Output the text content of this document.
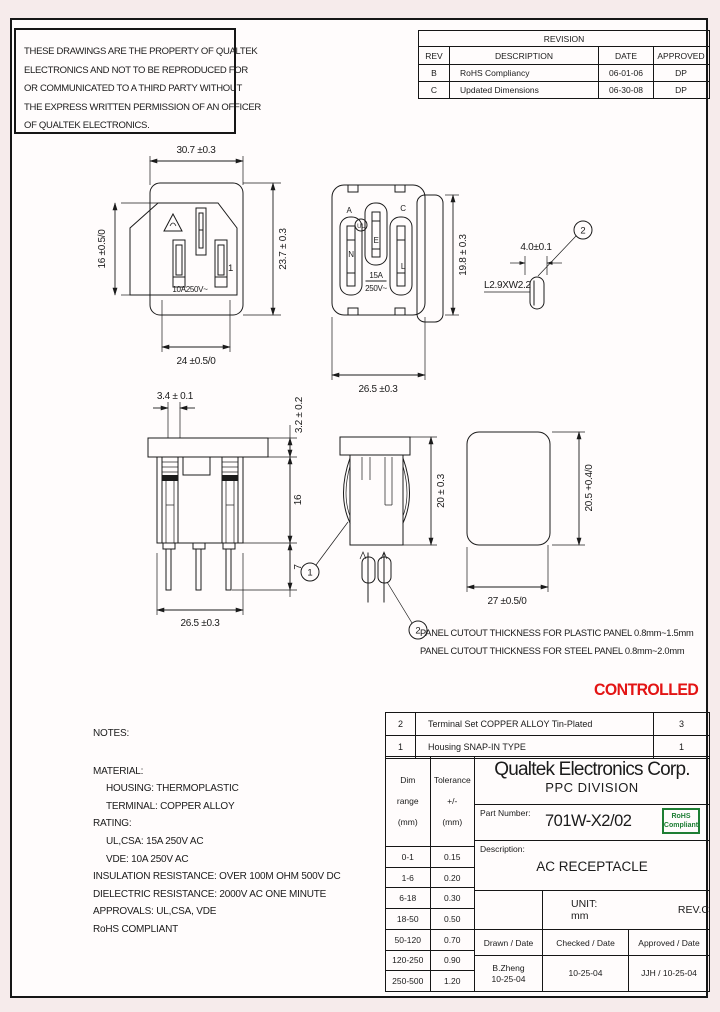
THESE DRAWINGS ARE THE PROPERTY OF QUALTEK
ELECTRONICS AND NOT TO BE REPRODUCED FOR
OR COMMUNICATED TO A THIRD PARTY WITHOUT
THE EXPRESS WRITTEN PERMISSION OF AN OFFICER
OF QUALTEK ELECTRONICS.
REVISION
REV	DESCRIPTION	DATE	APPROVED
B	RoHS Compliancy	06-01-06	DP
C	Updated Dimensions	06-30-08	DP
30.7 ±0.3
16 ±0.5/0	23.7 ± 0.3
24 ±0.5/0
10A250V~
1
A	C
E
N
L
UL
15A
250V~
19.8 ± 0.3
26.5 ±0.3
2
4.0±0.1
L2.9XW2.2
3.4 ± 0.1
3.2 ± 0.2
16
7
26.5 ±0.3
1
2
20 ± 0.3	20.5 +0.4/0
27 ±0.5/0
PANEL CUTOUT THICKNESS FOR PLASTIC PANEL 0.8mm~1.5mm
PANEL CUTOUT THICKNESS FOR STEEL PANEL 0.8mm~2.0mm
CONTROLLED
2	Terminal Set COPPER ALLOY Tin-Plated	3
1	Housing SNAP-IN TYPE	1

NOTES:

MATERIAL:

HOUSING: THERMOPLASTIC

TERMINAL: COPPER ALLOY

RATING:

UL,CSA: 15A 250V AC

VDE: 10A 250V AC

INSULATION RESISTANCE: OVER 100M OHM 500V DC

DIELECTRIC RESISTANCE: 2000V AC ONE MINUTE

APPROVALS: UL,CSA, VDE

RoHS COMPLIANT

Dim
range
(mm)
Tolerance
+/-
(mm)
0-1	0.15
1-6	0.20
6-18	0.30
18-50	0.50
50-120	0.70
120-250	0.90
250-500	1.20
Qualtek Electronics Corp.
PPC DIVISION
Part Number: 701W-X2/02	RoHS
Compliant
Description:
AC RECEPTACLE
UNIT: mm	REV.C
Drawn / Date	Checked / Date	Approved / Date
B.Zheng
10-25-04
10-25-04	JJH / 10-25-04
